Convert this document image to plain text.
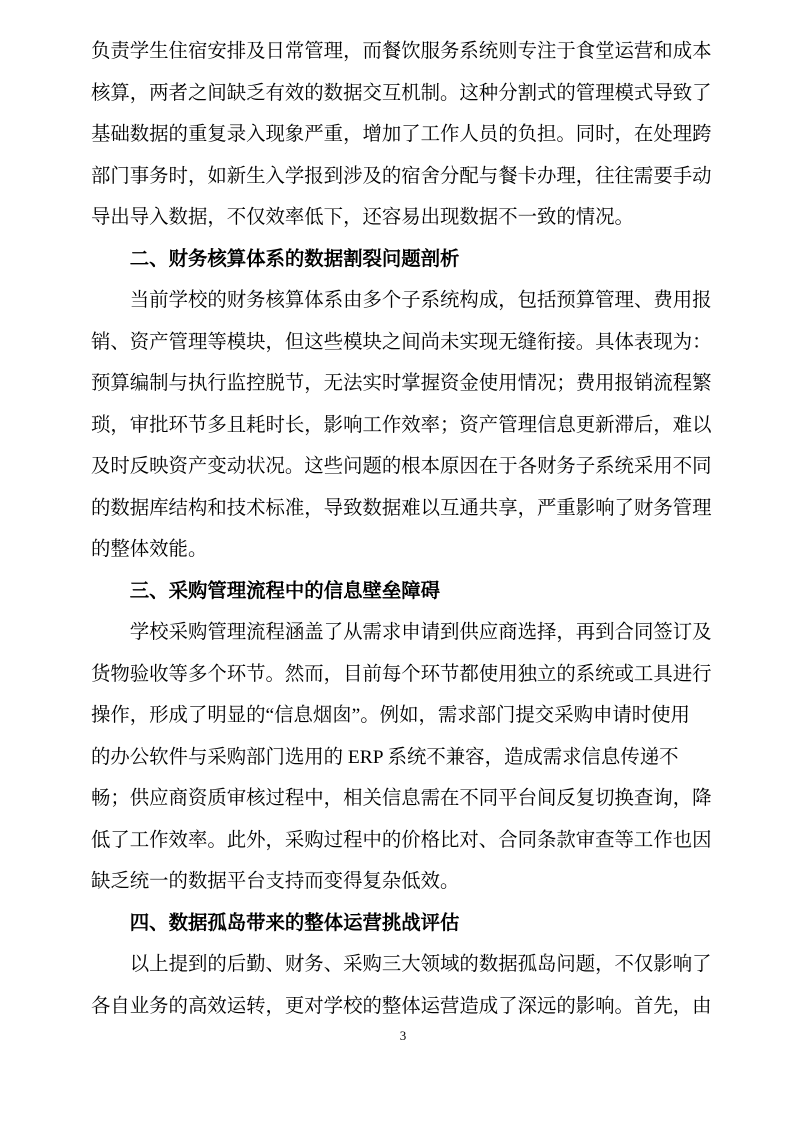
负责学生住宿安排及日常管理，而餐饮服务系统则专注于食堂运营和成本
核算，两者之间缺乏有效的数据交互机制。这种分割式的管理模式导致了
基础数据的重复录入现象严重，增加了工作人员的负担。同时，在处理跨
部门事务时，如新生入学报到涉及的宿舍分配与餐卡办理，往往需要手动
导出导入数据，不仅效率低下，还容易出现数据不一致的情况。
二、财务核算体系的数据割裂问题剖析
当前学校的财务核算体系由多个子系统构成，包括预算管理、费用报
销、资产管理等模块，但这些模块之间尚未实现无缝衔接。具体表现为：
预算编制与执行监控脱节，无法实时掌握资金使用情况；费用报销流程繁
琐，审批环节多且耗时长，影响工作效率；资产管理信息更新滞后，难以
及时反映资产变动状况。这些问题的根本原因在于各财务子系统采用不同
的数据库结构和技术标准，导致数据难以互通共享，严重影响了财务管理
的整体效能。
三、采购管理流程中的信息壁垒障碍
学校采购管理流程涵盖了从需求申请到供应商选择，再到合同签订及
货物验收等多个环节。然而，目前每个环节都使用独立的系统或工具进行
操作，形成了明显的“信息烟囱”。例如，需求部门提交采购申请时使用
的办公软件与采购部门选用的 ERP 系统不兼容，造成需求信息传递不
畅；供应商资质审核过程中，相关信息需在不同平台间反复切换查询，降
低了工作效率。此外，采购过程中的价格比对、合同条款审查等工作也因
缺乏统一的数据平台支持而变得复杂低效。
四、数据孤岛带来的整体运营挑战评估
以上提到的后勤、财务、采购三大领域的数据孤岛问题，不仅影响了
各自业务的高效运转，更对学校的整体运营造成了深远的影响。首先，由
3
